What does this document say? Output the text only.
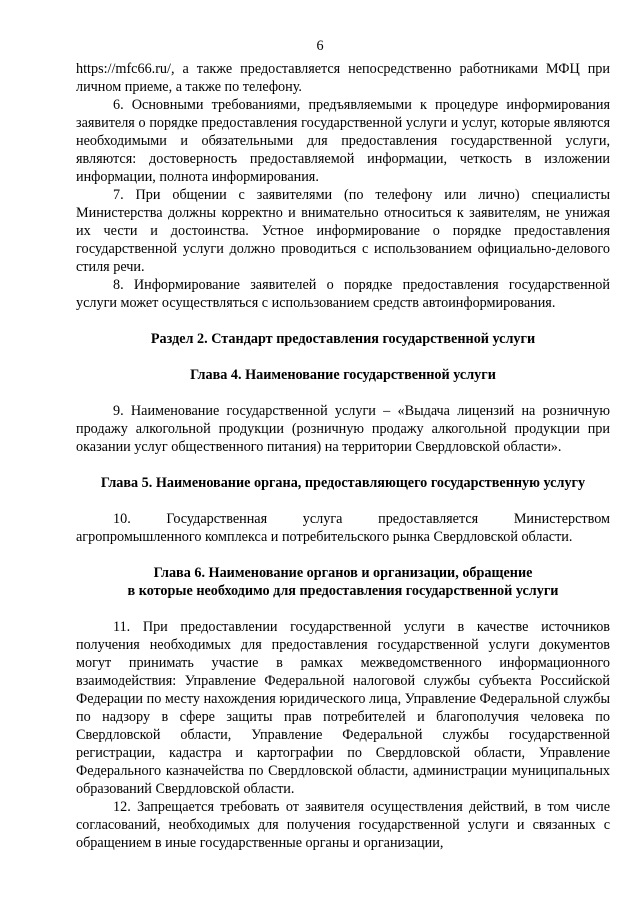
6

https://mfc66.ru/, а также предоставляется непосредственно работниками МФЦ при личном приеме, а также по телефону.

6. Основными требованиями, предъявляемыми к процедуре информирования заявителя о порядке предоставления государственной услуги и услуг, которые являются необходимыми и обязательными для предоставления государственной услуги, являются: достоверность предоставляемой информации, четкость в изложении информации, полнота информирования.

7. При общении с заявителями (по телефону или лично) специалисты Министерства должны корректно и внимательно относиться к заявителям, не унижая их чести и достоинства. Устное информирование о порядке предоставления государственной услуги должно проводиться с использованием официально-делового стиля речи.

8. Информирование заявителей о порядке предоставления государственной услуги может осуществляться с использованием средств автоинформирования.

Раздел 2. Стандарт предоставления государственной услуги

Глава 4. Наименование государственной услуги

9. Наименование государственной услуги – «Выдача лицензий на розничную продажу алкогольной продукции (розничную продажу алкогольной продукции при оказании услуг общественного питания) на территории Свердловской области».

Глава 5. Наименование органа, предоставляющего государственную услугу

10. Государственная услуга предоставляется Министерством агропромышленного комплекса и потребительского рынка Свердловской области.

Глава 6. Наименование органов и организации, обращение

в которые необходимо для предоставления государственной услуги

11. При предоставлении государственной услуги в качестве источников получения необходимых для предоставления государственной услуги документов могут принимать участие в рамках межведомственного информационного взаимодействия: Управление Федеральной налоговой службы субъекта Российской Федерации по месту нахождения юридического лица, Управление Федеральной службы по надзору в сфере защиты прав потребителей и благополучия человека по Свердловской области, Управление Федеральной службы государственной регистрации, кадастра и картографии по Свердловской области, Управление Федерального казначейства по Свердловской области, администрации муниципальных образований Свердловской области.

12. Запрещается требовать от заявителя осуществления действий, в том числе согласований, необходимых для получения государственной услуги и связанных с обращением в иные государственные органы и организации,
